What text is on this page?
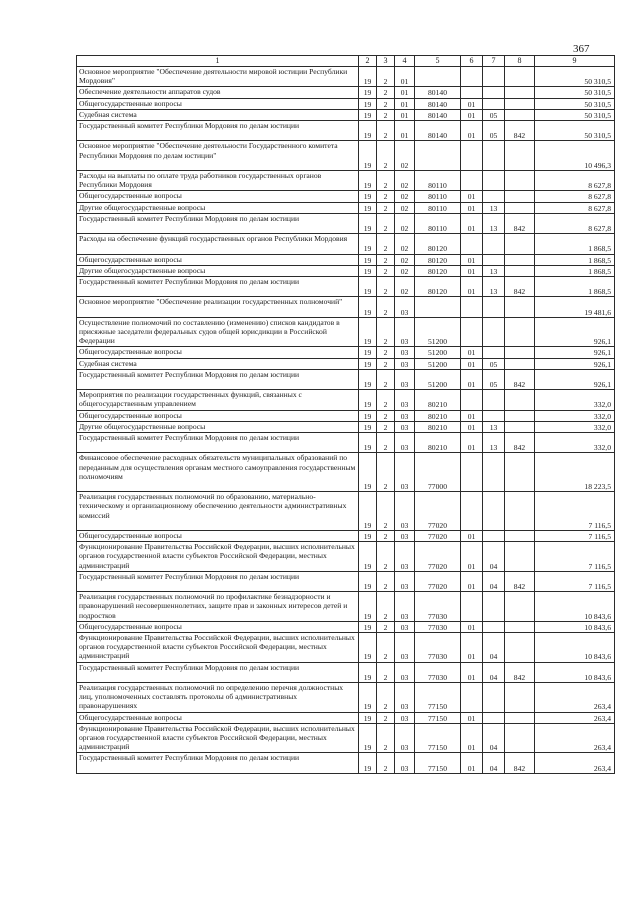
367
1	2	3	4	5	6	7	8	9
Основное мероприятие "Обеспечение деятельности мировой юстиции Республики Мордовия"	19	2	01					50 310,5
Обеспечение деятельности аппаратов судов	19	2	01	80140				50 310,5
Общегосударственные вопросы	19	2	01	80140	01			50 310,5
Судебная система	19	2	01	80140	01	05		50 310,5
Государственный комитет Республики Мордовия по делам юстиции	19	2	01	80140	01	05	842	50 310,5
Основное мероприятие "Обеспечение деятельности Государственного комитета Республики Мордовия по делам юстиции"	19	2	02					10 496,3
Расходы на выплаты по оплате труда работников государственных органов Республики Мордовия	19	2	02	80110				8 627,8
Общегосударственные вопросы	19	2	02	80110	01			8 627,8
Другие общегосударственные вопросы	19	2	02	80110	01	13		8 627,8
Государственный комитет Республики Мордовия по делам юстиции	19	2	02	80110	01	13	842	8 627,8
Расходы на обеспечение функций государственных органов Республики Мордовия	19	2	02	80120				1 868,5
Общегосударственные вопросы	19	2	02	80120	01			1 868,5
Другие общегосударственные вопросы	19	2	02	80120	01	13		1 868,5
Государственный комитет Республики Мордовия по делам юстиции	19	2	02	80120	01	13	842	1 868,5
Основное мероприятие "Обеспечение реализации государственных полномочий"	19	2	03					19 481,6
Осуществление полномочий по составлению (изменению) списков кандидатов в присяжные заседатели федеральных судов общей юрисдикции в Российской Федерации	19	2	03	51200				926,1
Общегосударственные вопросы	19	2	03	51200	01			926,1
Судебная система	19	2	03	51200	01	05		926,1
Государственный комитет Республики Мордовия по делам юстиции	19	2	03	51200	01	05	842	926,1
Мероприятия по реализации государственных функций, связанных с общегосударственным управлением	19	2	03	80210				332,0
Общегосударственные вопросы	19	2	03	80210	01			332,0
Другие общегосударственные вопросы	19	2	03	80210	01	13		332,0
Государственный комитет Республики Мордовия по делам юстиции	19	2	03	80210	01	13	842	332,0
Финансовое обеспечение расходных обязательств муниципальных образований по переданным для осуществления органам местного самоуправления государственным полномочиям	19	2	03	77000				18 223,5
Реализация государственных полномочий по образованию, материально-техническому и организационному обеспечению деятельности административных комиссий	19	2	03	77020				7 116,5
Общегосударственные вопросы	19	2	03	77020	01			7 116,5
Функционирование Правительства Российской Федерации, высших исполнительных органов государственной власти субъектов Российской Федерации, местных администраций	19	2	03	77020	01	04		7 116,5
Государственный комитет Республики Мордовия по делам юстиции	19	2	03	77020	01	04	842	7 116,5
Реализация государственных полномочий по профилактике безнадзорности и правонарушений несовершеннолетних, защите прав и законных интересов детей и подростков	19	2	03	77030				10 843,6
Общегосударственные вопросы	19	2	03	77030	01			10 843,6
Функционирование Правительства Российской Федерации, высших исполнительных органов государственной власти субъектов Российской Федерации, местных администраций	19	2	03	77030	01	04		10 843,6
Государственный комитет Республики Мордовия по делам юстиции	19	2	03	77030	01	04	842	10 843,6
Реализация государственных полномочий по определению перечня должностных лиц, уполномоченных составлять протоколы об административных правонарушениях	19	2	03	77150				263,4
Общегосударственные вопросы	19	2	03	77150	01			263,4
Функционирование Правительства Российской Федерации, высших исполнительных органов государственной власти субъектов Российской Федерации, местных администраций	19	2	03	77150	01	04		263,4
Государственный комитет Республики Мордовия по делам юстиции	19	2	03	77150	01	04	842	263,4
